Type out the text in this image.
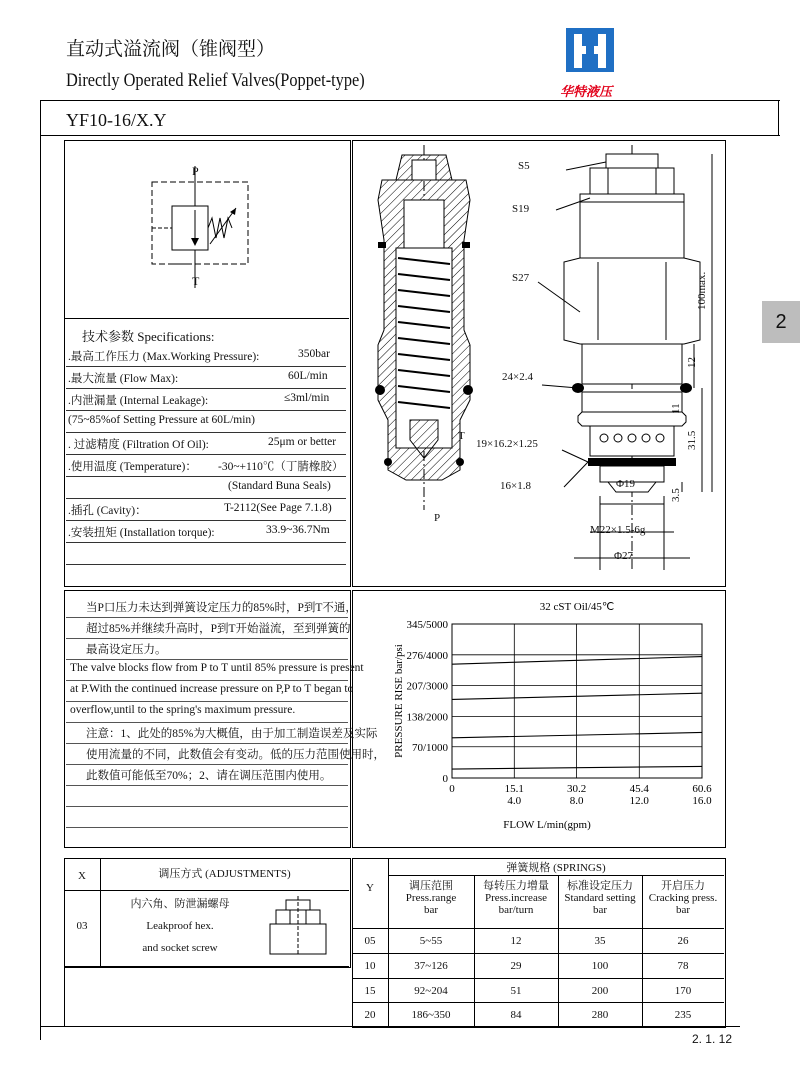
直动式溢流阀（锥阀型）
Directly Operated Relief Valves(Poppet-type)
YF10-16/X.Y
华特液压
2
P
T
技术参数 Specifications:
.最高工作压力 (Max.Working Pressure):	350bar
.最大流量 (Flow Max):	60L/min
.内泄漏量 (Internal Leakage):	≤3ml/min
(75~85%of Setting Pressure at 60L/min)
. 过滤精度 (Filtration Of Oil):	25μm or better
.使用温度 (Temperature)： -30~+110℃（丁腈橡胶）
(Standard Buna Seals)
.插孔 (Cavity)：	T-2112(See Page 7.1.8)
.安装扭矩 (Installation torque):	33.9~36.7Nm
T
P
S5
S19
S27
24×2.4
19×16.2×1.25
16×1.8	Φ19
M22×1.5-6g
Φ27
100max.
12
11
31.5
3.5
当P口压力未达到弹簧设定压力的85%时，P到T不通，
超过85%并继续升高时，P到T开始溢流，至到弹簧的
最高设定压力。
The valve blocks flow from P to T until 85% pressure is present
at P.With the continued increase pressure on P,P to T began to
overflow,until to the spring's maximum pressure.
注意：1、此处的85%为大概值，由于加工制造误差及实际
使用流量的不同，此数值会有变动。低的压力范围使用时，
此数值可能低至70%；2、请在调压范围内使用。	0
70/1000
138/2000
207/3000
276/4000
345/5000
0	15.1	30.2	45.4	60.6
4.0	8.0	12.0	16.0
32 cST Oil/45℃
FLOW L/min(gpm)
PRESSURE RISE bar/psi
X	调压方式 (ADJUSTMENTS)
03
内六角、防泄漏螺母
Leakproof hex.
and socket screw
Y
弹簧规格 (SPRINGS)
调压范围
Press.range
bar
每转压力增量
Press.increase
bar/turn
标准设定压力
Standard setting
bar
开启压力
Cracking press.
bar
05	5~55	12	35	26
10	37~126	29	100	78
15	92~204	51	200	170
20	186~350	84	280	235
2. 1. 12
